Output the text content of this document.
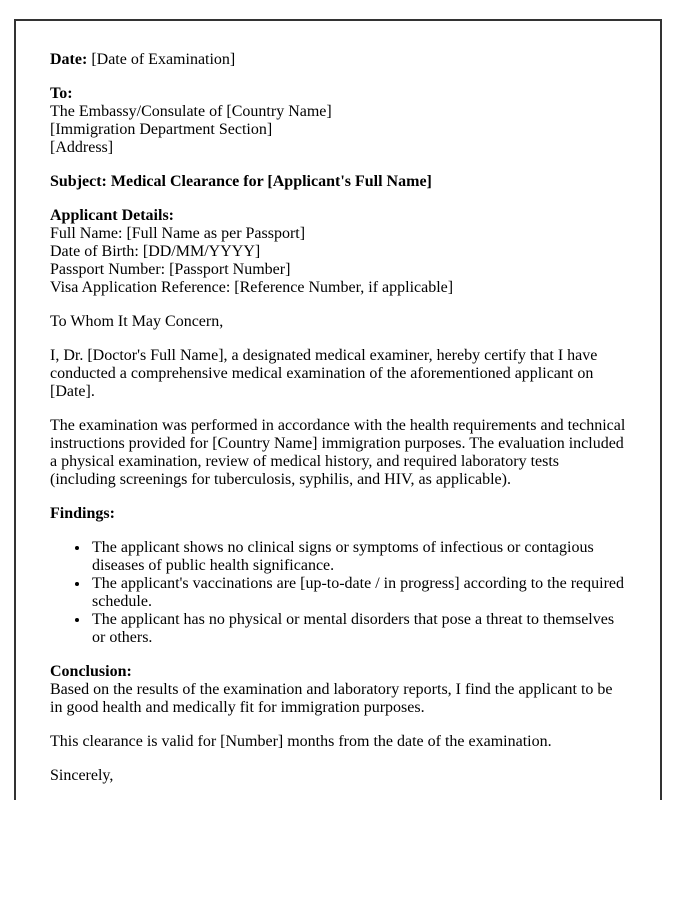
Date: [Date of Examination]

To:
The Embassy/Consulate of [Country Name]
[Immigration Department Section]
[Address]

Subject: Medical Clearance for [Applicant's Full Name]

Applicant Details:
Full Name: [Full Name as per Passport]
Date of Birth: [DD/MM/YYYY]
Passport Number: [Passport Number]
Visa Application Reference: [Reference Number, if applicable]

To Whom It May Concern,

I, Dr. [Doctor's Full Name], a designated medical examiner, hereby certify that I have conducted a comprehensive medical examination of the aforementioned applicant on [Date].

The examination was performed in accordance with the health requirements and technical instructions provided for [Country Name] immigration purposes. The evaluation included a physical examination, review of medical history, and required laboratory tests (including screenings for tuberculosis, syphilis, and HIV, as applicable).

Findings:

• The applicant shows no clinical signs or symptoms of infectious or contagious diseases of public health significance.
• The applicant's vaccinations are [up-to-date / in progress] according to the required schedule.
• The applicant has no physical or mental disorders that pose a threat to themselves or others.

Conclusion:
Based on the results of the examination and laboratory reports, I find the applicant to be in good health and medically fit for immigration purposes.

This clearance is valid for [Number] months from the date of the examination.

Sincerely,
